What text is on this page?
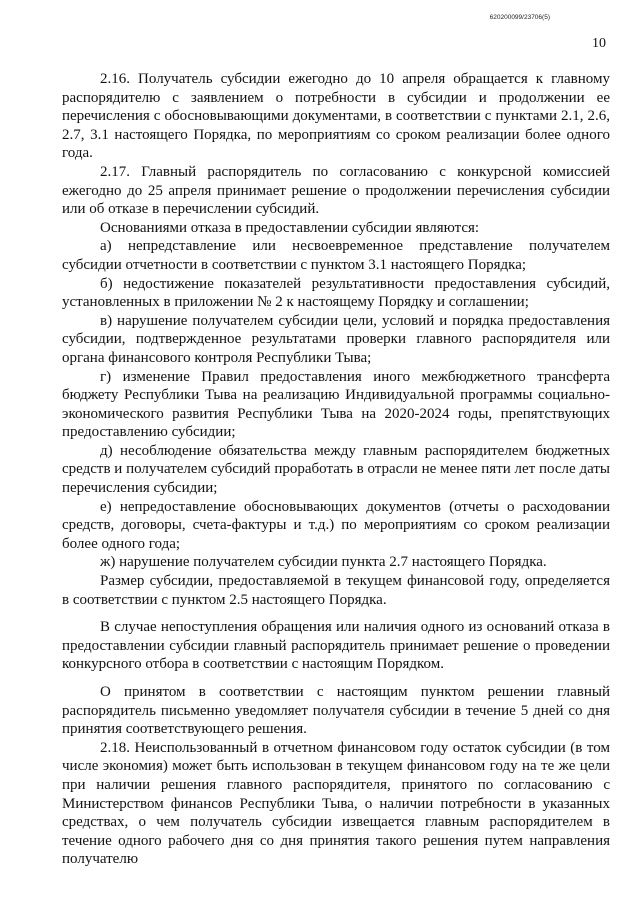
620200099/23706(5)
10

2.16. Получатель субсидии ежегодно до 10 апреля обращается к главному распорядителю с заявлением о потребности в субсидии и продолжении ее перечисления с обосновывающими документами, в соответствии с пунктами 2.1, 2.6, 2.7, 3.1 настоящего Порядка, по мероприятиям со сроком реализации более одного года.

2.17. Главный распорядитель по согласованию с конкурсной комиссией ежегодно до 25 апреля принимает решение о продолжении перечисления субсидии или об отказе в перечислении субсидий.

Основаниями отказа в предоставлении субсидии являются:

а) непредставление или несвоевременное представление получателем субсидии отчетности в соответствии с пунктом 3.1 настоящего Порядка;

б) недостижение показателей результативности предоставления субсидий, установленных в приложении № 2 к настоящему Порядку и соглашении;

в) нарушение получателем субсидии цели, условий и порядка предоставления субсидии, подтвержденное результатами проверки главного распорядителя или органа финансового контроля Республики Тыва;

г) изменение Правил предоставления иного межбюджетного трансферта бюджету Республики Тыва на реализацию Индивидуальной программы социально-экономического развития Республики Тыва на 2020-2024 годы, препятствующих предоставлению субсидии;

д) несоблюдение обязательства между главным распорядителем бюджетных средств и получателем субсидий проработать в отрасли не менее пяти лет после даты перечисления субсидии;

е) непредоставление обосновывающих документов (отчеты о расходовании средств, договоры, счета-фактуры и т.д.) по мероприятиям со сроком реализации более одного года;

ж) нарушение получателем субсидии пункта 2.7 настоящего Порядка.

Размер субсидии, предоставляемой в текущем финансовой году, определяется в соответствии с пунктом 2.5 настоящего Порядка.

В случае непоступления обращения или наличия одного из оснований отказа в предоставлении субсидии главный распорядитель принимает решение о проведении конкурсного отбора в соответствии с настоящим Порядком.

О принятом в соответствии с настоящим пунктом решении главный распорядитель письменно уведомляет получателя субсидии в течение 5 дней со дня принятия соответствующего решения.

2.18. Неиспользованный в отчетном финансовом году остаток субсидии (в том числе экономия) может быть использован в текущем финансовом году на те же цели при наличии решения главного распорядителя, принятого по согласованию с Министерством финансов Республики Тыва, о наличии потребности в указанных средствах, о чем получатель субсидии извещается главным распорядителем в течение одного рабочего дня со дня принятия такого решения путем направления получателю
